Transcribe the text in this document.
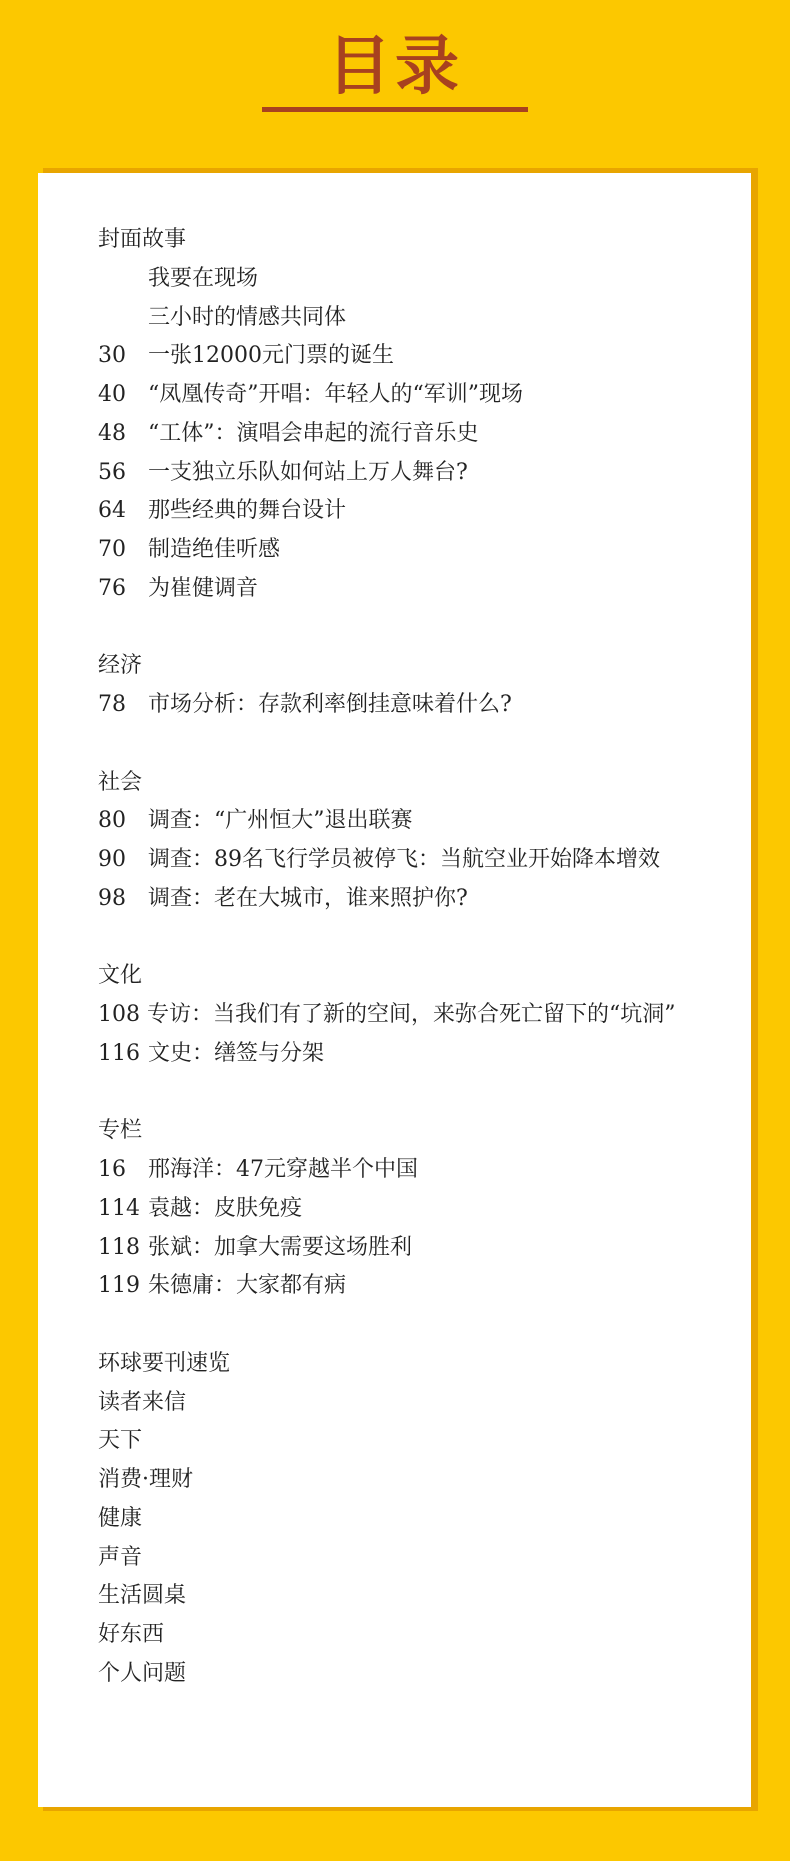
目录
封面故事
我要在现场
三小时的情感共同体
30	一张12000元门票的诞生
40	“凤凰传奇”开唱：年轻人的“军训”现场
48	“工体”：演唱会串起的流行音乐史
56	一支独立乐队如何站上万人舞台?
64	那些经典的舞台设计
70	制造绝佳听感
76	为崔健调音
经济
78	市场分析：存款利率倒挂意味着什么?
社会
80	调查：“广州恒大”退出联赛
90	调查：89名飞行学员被停飞：当航空业开始降本增效
98	调查：老在大城市，谁来照护你?
文化
108 专访：当我们有了新的空间，来弥合死亡留下的“坑洞”
116 文史：缮签与分架
专栏
16	邢海洋：47元穿越半个中国
114 袁越：皮肤免疫
118 张斌：加拿大需要这场胜利
119 朱德庸：大家都有病
环球要刊速览
读者来信
天下
消费·理财
健康
声音
生活圆桌
好东西
个人问题
